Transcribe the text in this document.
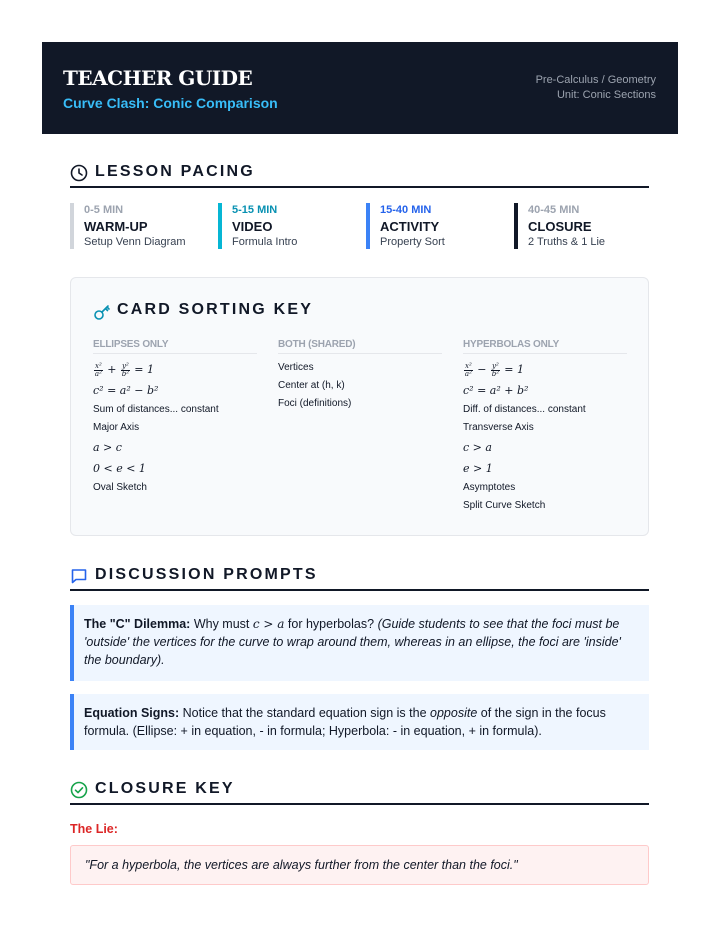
TEACHER GUIDE
Curve Clash: Conic Comparison
Pre-Calculus / Geometry
Unit: Conic Sections
LESSON PACING
0-5 MIN
WARM-UP
Setup Venn Diagram
5-15 MIN
VIDEO
Formula Intro
15-40 MIN
ACTIVITY
Property Sort
40-45 MIN
CLOSURE
2 Truths & 1 Lie
CARD SORTING KEY
ELLIPSES ONLY
$\frac{\text{x²}}{\text{a²}} + \frac{\text{y²}}{\text{b²}} = 1$
c² = a² − b²
Sum of distances... constant
Major Axis
a > c
0 < e < 1
Oval Sketch
BOTH (SHARED)
Vertices
Center at (h, k)
Foci (definitions)
HYPERBOLAS ONLY
$\frac{\text{x²}}{\text{a²}} - \frac{\text{y²}}{\text{b²}} = 1$
c² = a² + b²
Diff. of distances... constant
Transverse Axis
c > a
e > 1
Asymptotes
Split Curve Sketch
DISCUSSION PROMPTS
The "C" Dilemma: Why must c > a for hyperbolas? (Guide students to see that the foci must be 'outside' the vertices for the curve to wrap around them, whereas in an ellipse, the foci are 'inside' the boundary).
Equation Signs: Notice that the standard equation sign is the opposite of the sign in the focus formula. (Ellipse: + in equation, - in formula; Hyperbola: - in equation, + in formula).
CLOSURE KEY
The Lie:
"For a hyperbola, the vertices are always further from the center than the foci."
